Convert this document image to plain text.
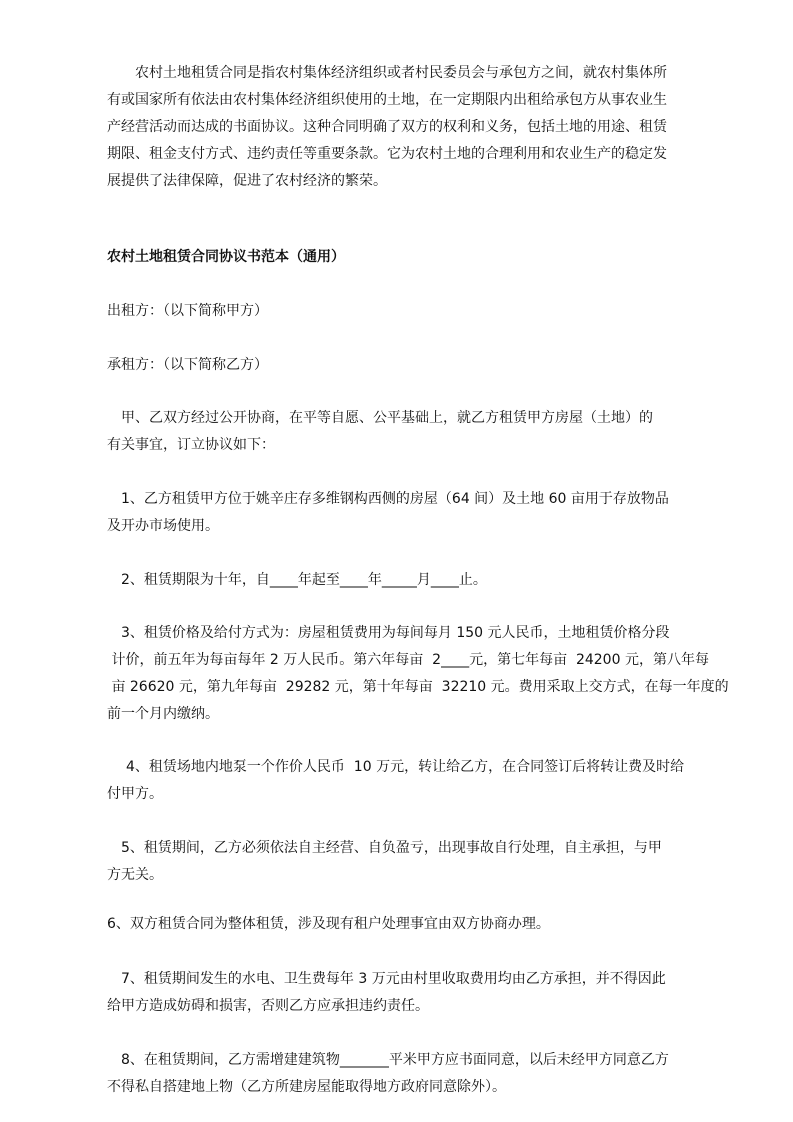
　　农村土地租赁合同是指农村集体经济组织或者村民委员会与承包方之间，就农村集体所
有或国家所有依法由农村集体经济组织使用的土地，在一定期限内出租给承包方从事农业生
产经营活动而达成的书面协议。这种合同明确了双方的权利和义务，包括土地的用途、租赁
期限、租金支付方式、违约责任等重要条款。它为农村土地的合理利用和农业生产的稳定发
展提供了法律保障，促进了农村经济的繁荣。

农村土地租赁合同协议书范本（通用）

出租方：（以下简称甲方）

承租方：（以下简称乙方）

　甲、乙双方经过公开协商，在平等自愿、公平基础上，就乙方租赁甲方房屋（土地）的
有关事宜，订立协议如下：
　1、乙方租赁甲方位于姚辛庄存多维钢构西侧的房屋（64 间）及土地 60 亩用于存放物品
及开办市场使用。
　2、租赁期限为十年，自____年起至____年_____月____止。
　3、租赁价格及给付方式为：房屋租赁费用为每间每月 150 元人民币，土地租赁价格分段
计价，前五年为每亩每年 2 万人民币。第六年每亩  2____元，第七年每亩  24200 元，第八年每
亩 26620 元，第九年每亩  29282 元，第十年每亩  32210 元。费用采取上交方式，在每一年度的
前一个月内缴纳。
4、租赁场地内地泵一个作价人民币  10 万元，转让给乙方，在合同签订后将转让费及时给
付甲方。
　5、租赁期间，乙方必须依法自主经营、自负盈亏，出现事故自行处理，自主承担，与甲
方无关。
6、双方租赁合同为整体租赁，涉及现有租户处理事宜由双方协商办理。
　7、租赁期间发生的水电、卫生费每年 3 万元由村里收取费用均由乙方承担，并不得因此
给甲方造成妨碍和损害，否则乙方应承担违约责任。
　8、在租赁期间，乙方需增建建筑物_______平米甲方应书面同意，以后未经甲方同意乙方
不得私自搭建地上物（乙方所建房屋能取得地方政府同意除外）。
